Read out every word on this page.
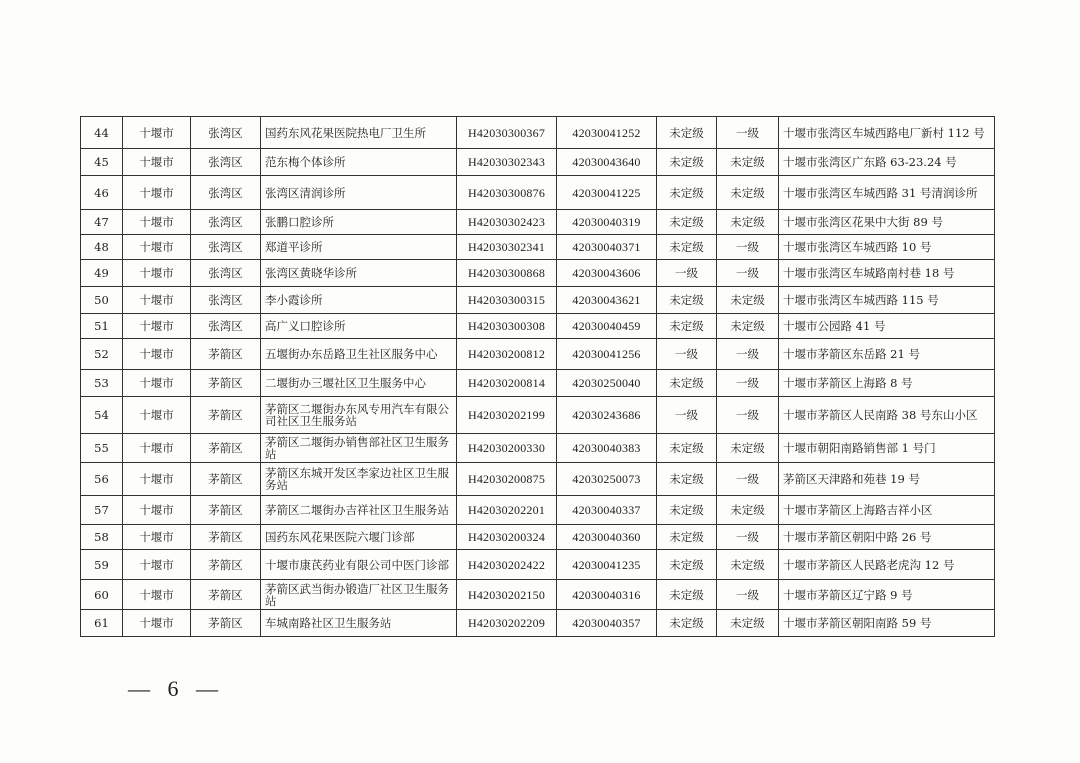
44	十堰市	张湾区	国药东风花果医院热电厂卫生所	H42030300367	42030041252	未定级	一级	十堰市张湾区车城西路电厂新村 112 号
45	十堰市	张湾区	范东梅个体诊所	H42030302343	42030043640	未定级	未定级	十堰市张湾区广东路 63-23.24 号
46	十堰市	张湾区	张湾区清润诊所	H42030300876	42030041225	未定级	未定级	十堰市张湾区车城西路 31 号清润诊所
47	十堰市	张湾区	张鹏口腔诊所	H42030302423	42030040319	未定级	未定级	十堰市张湾区花果中大街 89 号
48	十堰市	张湾区	郑道平诊所	H42030302341	42030040371	未定级	一级	十堰市张湾区车城西路 10 号
49	十堰市	张湾区	张湾区黄晓华诊所	H42030300868	42030043606	一级	一级	十堰市张湾区车城路南村巷 18 号
50	十堰市	张湾区	李小霞诊所	H42030300315	42030043621	未定级	未定级	十堰市张湾区车城西路 115 号
51	十堰市	张湾区	高广义口腔诊所	H42030300308	42030040459	未定级	未定级	十堰市公园路 41 号
52	十堰市	茅箭区	五堰街办东岳路卫生社区服务中心	H42030200812	42030041256	一级	一级	十堰市茅箭区东岳路 21 号
53	十堰市	茅箭区	二堰街办三堰社区卫生服务中心	H42030200814	42030250040	未定级	一级	十堰市茅箭区上海路 8 号
54	十堰市	茅箭区	茅箭区二堰街办东风专用汽车有限公司社区卫生服务站	H42030202199	42030243686	一级	一级	十堰市茅箭区人民南路 38 号东山小区
55	十堰市	茅箭区	茅箭区二堰街办销售部社区卫生服务站	H42030200330	42030040383	未定级	未定级	十堰市朝阳南路销售部 1 号门
56	十堰市	茅箭区	茅箭区东城开发区李家边社区卫生服务站	H42030200875	42030250073	未定级	一级	茅箭区天津路和苑巷 19 号
57	十堰市	茅箭区	茅箭区二堰街办吉祥社区卫生服务站	H42030202201	42030040337	未定级	未定级	十堰市茅箭区上海路吉祥小区
58	十堰市	茅箭区	国药东风花果医院六堰门诊部	H42030200324	42030040360	未定级	一级	十堰市茅箭区朝阳中路 26 号
59	十堰市	茅箭区	十堰市康芪药业有限公司中医门诊部	H42030202422	42030041235	未定级	未定级	十堰市茅箭区人民路老虎沟 12 号
60	十堰市	茅箭区	茅箭区武当街办锻造厂社区卫生服务站	H42030202150	42030040316	未定级	一级	十堰市茅箭区辽宁路 9 号
61	十堰市	茅箭区	车城南路社区卫生服务站	H42030202209	42030040357	未定级	未定级	十堰市茅箭区朝阳南路 59 号
— 6 —
